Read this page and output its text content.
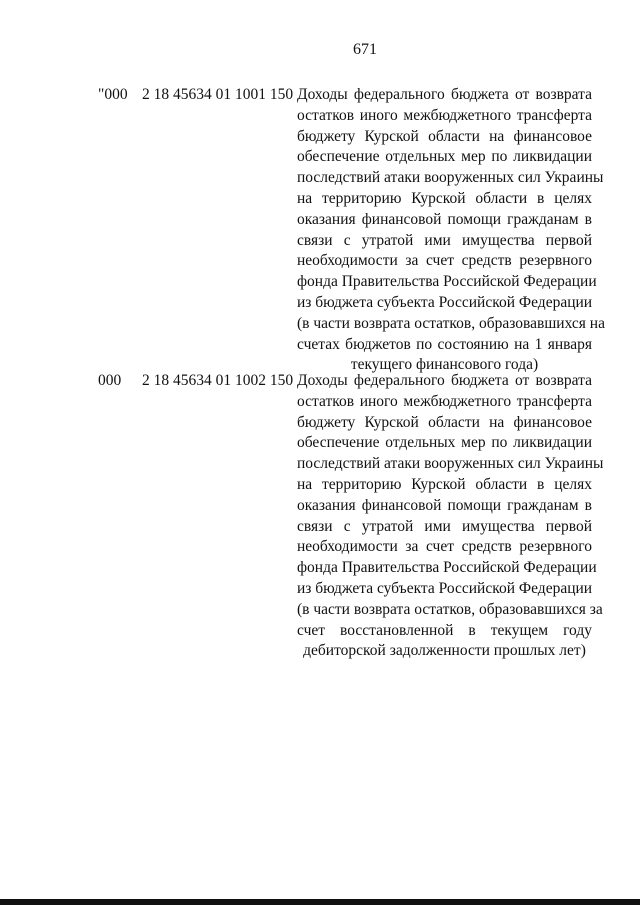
671
"000 2 18 45634 01 1001 150 Доходы федерального бюджета от возврата
остатков иного межбюджетного трансферта
бюджету Курской области на финансовое
обеспечение отдельных мер по ликвидации
последствий атаки вооруженных сил Украины
на территорию Курской области в целях
оказания финансовой помощи гражданам в
связи с утратой ими имущества первой
необходимости за счет средств резервного
фонда Правительства Российской Федерации
из бюджета субъекта Российской Федерации
(в части возврата остатков, образовавшихся на
счетах бюджетов по состоянию на 1 января
текущего финансового года)
000 2 18 45634 01 1002 150 Доходы федерального бюджета от возврата
остатков иного межбюджетного трансферта
бюджету Курской области на финансовое
обеспечение отдельных мер по ликвидации
последствий атаки вооруженных сил Украины
на территорию Курской области в целях
оказания финансовой помощи гражданам в
связи с утратой ими имущества первой
необходимости за счет средств резервного
фонда Правительства Российской Федерации
из бюджета субъекта Российской Федерации
(в части возврата остатков, образовавшихся за
счет восстановленной в текущем году
дебиторской задолженности прошлых лет)
